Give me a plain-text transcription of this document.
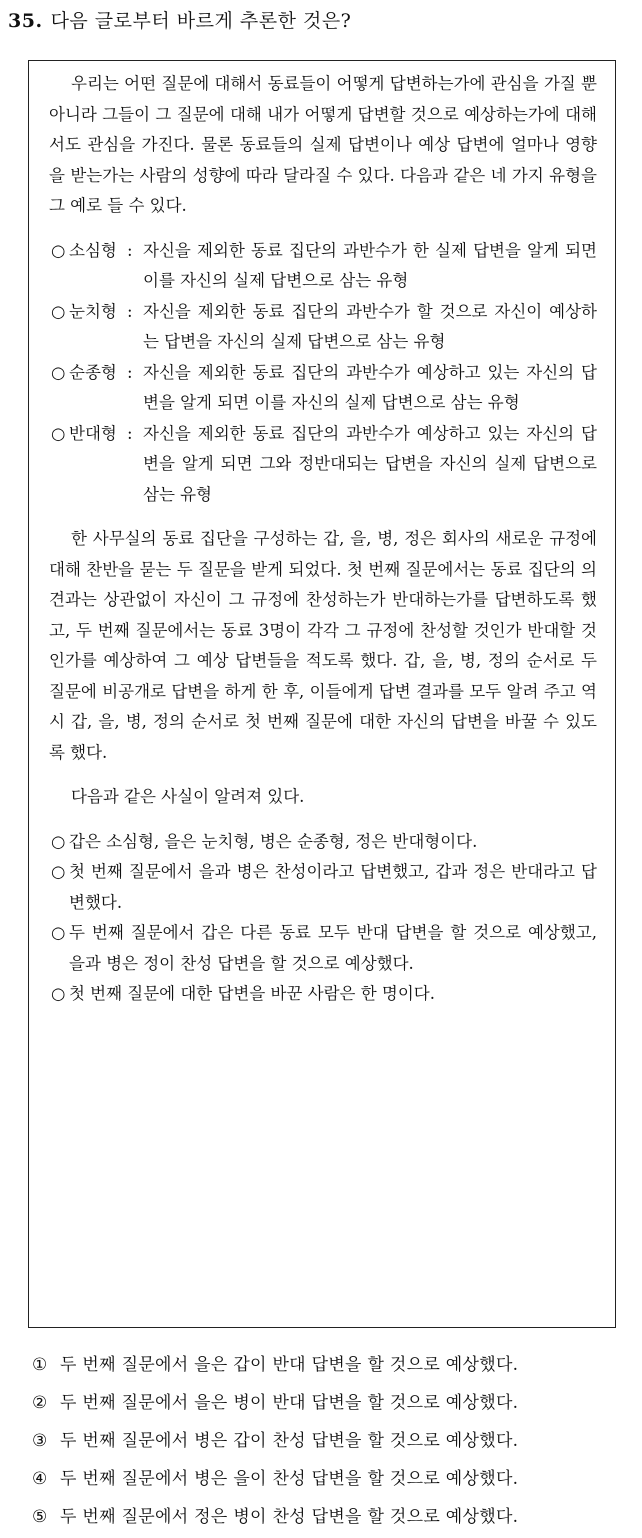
35. 다음 글로부터 바르게 추론한 것은?

우리는 어떤 질문에 대해서 동료들이 어떻게 답변하는가에 관심을 가질 뿐 아니라 그들이 그 질문에 대해 내가 어떻게 답변할 것으로 예상하는가에 대해서도 관심을 가진다. 물론 동료들의 실제 답변이나 예상 답변에 얼마나 영향을 받는가는 사람의 성향에 따라 달라질 수 있다. 다음과 같은 네 가지 유형을 그 예로 들 수 있다.

○ 소심형 : 자신을 제외한 동료 집단의 과반수가 한 실제 답변을 알게 되면 이를 자신의 실제 답변으로 삼는 유형
○ 눈치형 : 자신을 제외한 동료 집단의 과반수가 할 것으로 자신이 예상하는 답변을 자신의 실제 답변으로 삼는 유형
○ 순종형 : 자신을 제외한 동료 집단의 과반수가 예상하고 있는 자신의 답변을 알게 되면 이를 자신의 실제 답변으로 삼는 유형
○ 반대형 : 자신을 제외한 동료 집단의 과반수가 예상하고 있는 자신의 답변을 알게 되면 그와 정반대되는 답변을 자신의 실제 답변으로 삼는 유형

한 사무실의 동료 집단을 구성하는 갑, 을, 병, 정은 회사의 새로운 규정에 대해 찬반을 묻는 두 질문을 받게 되었다. 첫 번째 질문에서는 동료 집단의 의견과는 상관없이 자신이 그 규정에 찬성하는가 반대하는가를 답변하도록 했고, 두 번째 질문에서는 동료 3명이 각각 그 규정에 찬성할 것인가 반대할 것인가를 예상하여 그 예상 답변들을 적도록 했다. 갑, 을, 병, 정의 순서로 두 질문에 비공개로 답변을 하게 한 후, 이들에게 답변 결과를 모두 알려 주고 역시 갑, 을, 병, 정의 순서로 첫 번째 질문에 대한 자신의 답변을 바꿀 수 있도록 했다.

다음과 같은 사실이 알려져 있다.

○ 갑은 소심형, 을은 눈치형, 병은 순종형, 정은 반대형이다.
○ 첫 번째 질문에서 을과 병은 찬성이라고 답변했고, 갑과 정은 반대라고 답변했다.
○ 두 번째 질문에서 갑은 다른 동료 모두 반대 답변을 할 것으로 예상했고, 을과 병은 정이 찬성 답변을 할 것으로 예상했다.
○ 첫 번째 질문에 대한 답변을 바꾼 사람은 한 명이다.
① 두 번째 질문에서 을은 갑이 반대 답변을 할 것으로 예상했다.
② 두 번째 질문에서 을은 병이 반대 답변을 할 것으로 예상했다.
③ 두 번째 질문에서 병은 갑이 찬성 답변을 할 것으로 예상했다.
④ 두 번째 질문에서 병은 을이 찬성 답변을 할 것으로 예상했다.
⑤ 두 번째 질문에서 정은 병이 찬성 답변을 할 것으로 예상했다.
